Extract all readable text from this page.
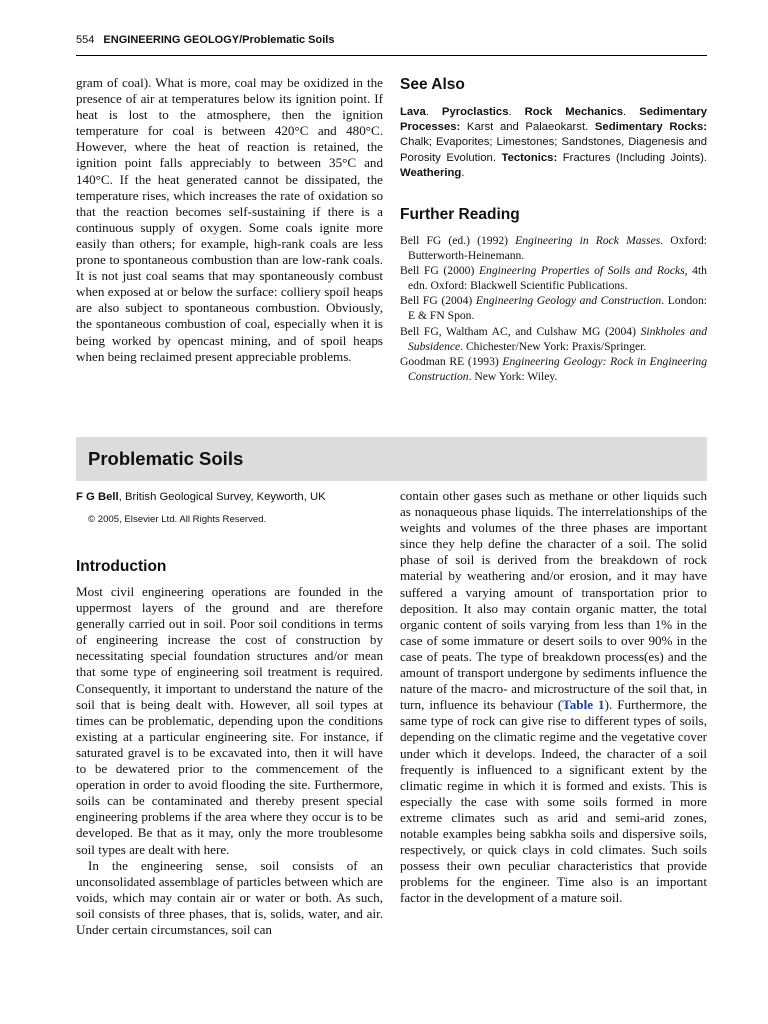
554 ENGINEERING GEOLOGY/Problematic Soils

gram of coal). What is more, coal may be oxidized in the presence of air at temperatures below its ignition point. If heat is lost to the atmosphere, then the ignition temperature for coal is between 420°C and 480°C. However, where the heat of reaction is retained, the ignition point falls appreciably to between 35°C and 140°C. If the heat generated cannot be dissipated, the temperature rises, which increases the rate of oxidation so that the reaction becomes self-sustaining if there is a continuous supply of oxygen. Some coals ignite more easily than others; for example, high-rank coals are less prone to spontaneous combustion than are low-rank coals. It is not just coal seams that may spontaneously combust when exposed at or below the surface: colliery spoil heaps are also subject to spontaneous combustion. Obviously, the spontaneous combustion of coal, especially when it is being worked by opencast mining, and of spoil heaps when being reclaimed present appreciable problems.

See Also

Lava. Pyroclastics. Rock Mechanics. Sedimentary Processes: Karst and Palaeokarst. Sedimentary Rocks: Chalk; Evaporites; Limestones; Sandstones, Diagenesis and Porosity Evolution. Tectonics: Fractures (Including Joints). Weathering.

Further Reading

Bell FG (ed.) (1992) Engineering in Rock Masses. Oxford: Butterworth-Heinemann.

Bell FG (2000) Engineering Properties of Soils and Rocks, 4th edn. Oxford: Blackwell Scientific Publications.

Bell FG (2004) Engineering Geology and Construction. London: E & FN Spon.

Bell FG, Waltham AC, and Culshaw MG (2004) Sinkholes and Subsidence. Chichester/New York: Praxis/Springer.

Goodman RE (1993) Engineering Geology: Rock in Engineering Construction. New York: Wiley.

Problematic Soils
F G Bell, British Geological Survey, Keyworth, UK
© 2005, Elsevier Ltd. All Rights Reserved.
Introduction

Most civil engineering operations are founded in the uppermost layers of the ground and are therefore generally carried out in soil. Poor soil conditions in terms of engineering increase the cost of construction by necessitating special foundation structures and/or mean that some type of engineering soil treatment is required. Consequently, it important to understand the nature of the soil that is being dealt with. However, all soil types at times can be problematic, depending upon the conditions existing at a particular engineering site. For instance, if saturated gravel is to be excavated into, then it will have to be dewatered prior to the commencement of the operation in order to avoid flooding the site. Furthermore, soils can be contaminated and thereby present special engineering problems if the area where they occur is to be developed. Be that as it may, only the more troublesome soil types are dealt with here.

In the engineering sense, soil consists of an unconsolidated assemblage of particles between which are voids, which may contain air or water or both. As such, soil consists of three phases, that is, solids, water, and air. Under certain circumstances, soil can

contain other gases such as methane or other liquids such as nonaqueous phase liquids. The interrelationships of the weights and volumes of the three phases are important since they help define the character of a soil. The solid phase of soil is derived from the breakdown of rock material by weathering and/or erosion, and it may have suffered a varying amount of transportation prior to deposition. It also may contain organic matter, the total organic content of soils varying from less than 1% in the case of some immature or desert soils to over 90% in the case of peats. The type of breakdown process(es) and the amount of transport undergone by sediments influence the nature of the macro- and microstructure of the soil that, in turn, influence its behaviour (Table 1). Furthermore, the same type of rock can give rise to different types of soils, depending on the climatic regime and the vegetative cover under which it develops. Indeed, the character of a soil frequently is influenced to a significant extent by the climatic regime in which it is formed and exists. This is especially the case with some soils formed in more extreme climates such as arid and semi-arid zones, notable examples being sabkha soils and dispersive soils, respectively, or quick clays in cold climates. Such soils possess their own peculiar characteristics that provide problems for the engineer. Time also is an important factor in the development of a mature soil.
